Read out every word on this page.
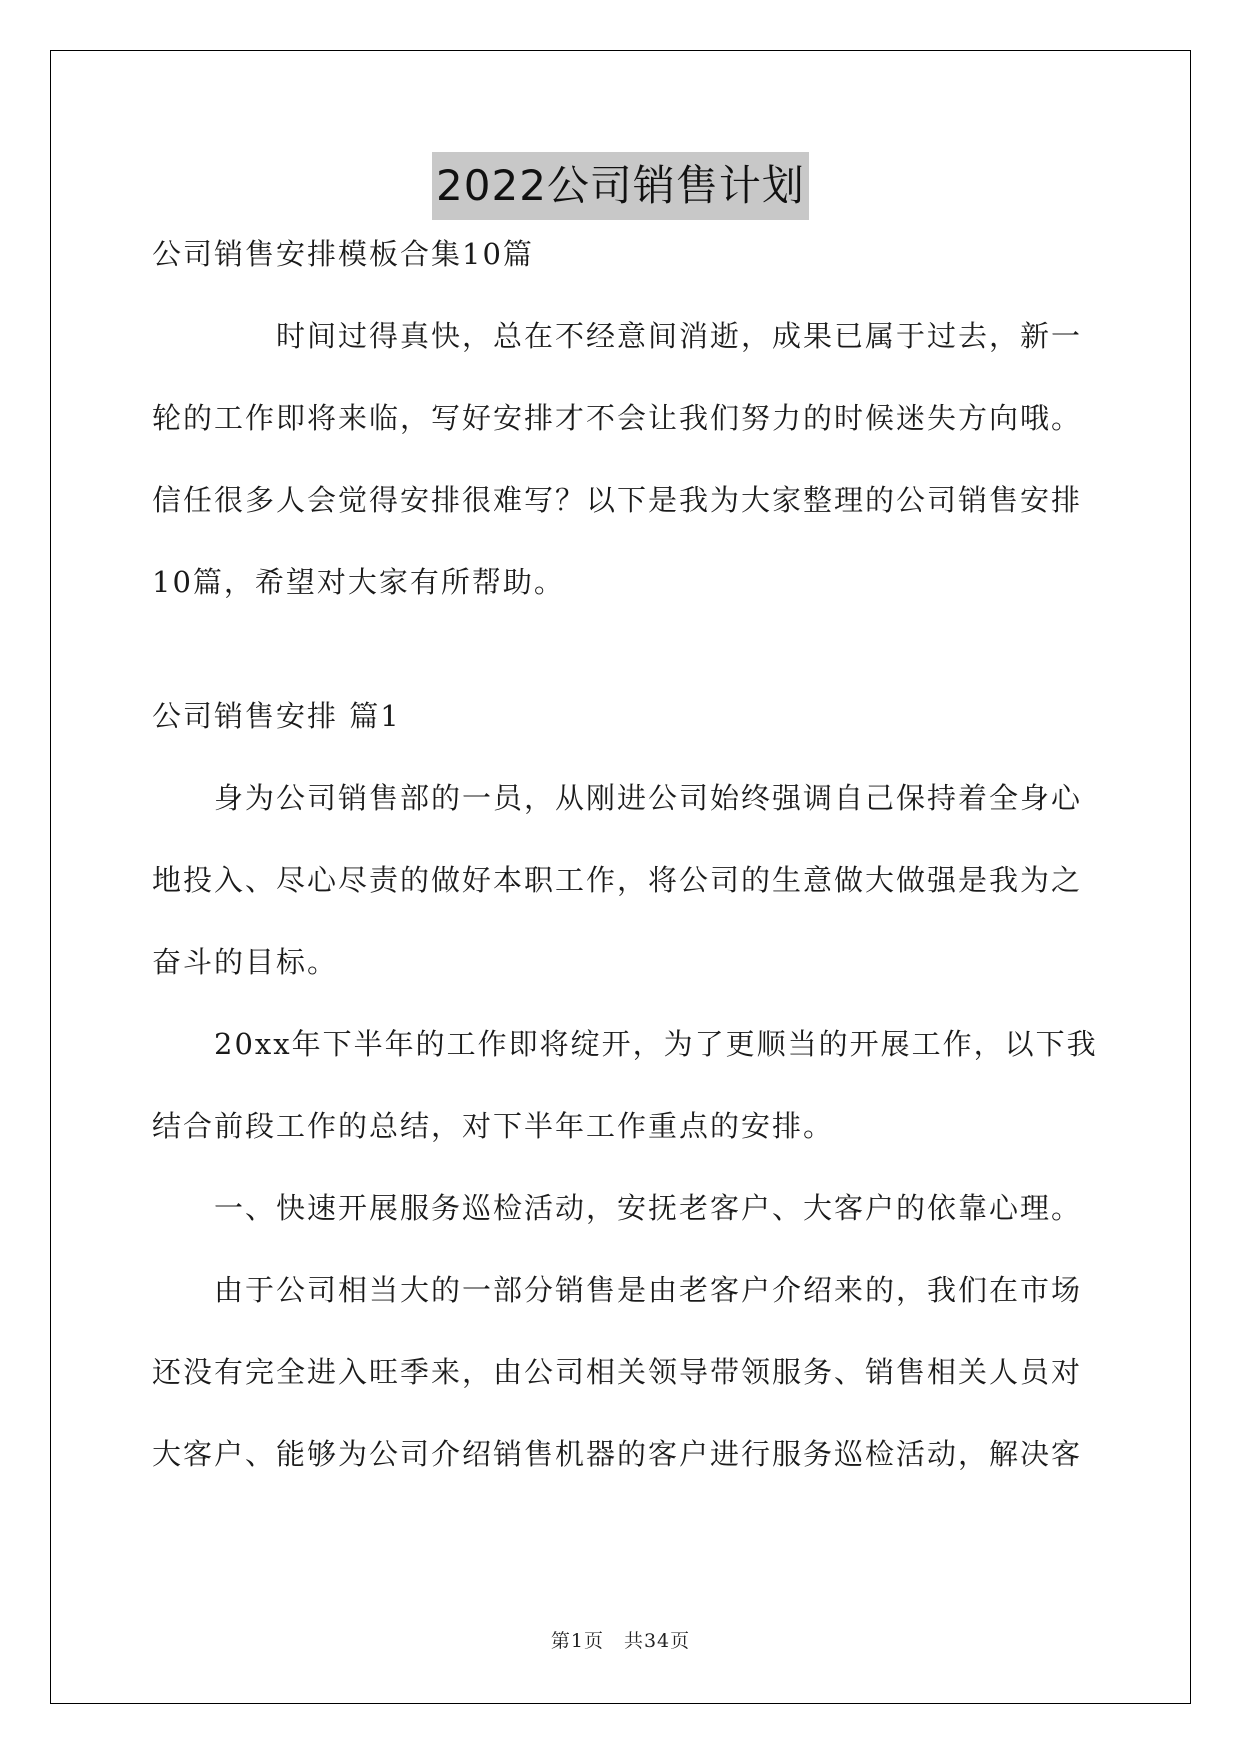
2022公司销售计划
公司销售安排模板合集10篇
时间过得真快，总在不经意间消逝，成果已属于过去，新一
轮的工作即将来临，写好安排才不会让我们努力的时候迷失方向哦。
信任很多人会觉得安排很难写？以下是我为大家整理的公司销售安排
10篇，希望对大家有所帮助。
公司销售安排 篇1
身为公司销售部的一员，从刚进公司始终强调自己保持着全身心
地投入、尽心尽责的做好本职工作，将公司的生意做大做强是我为之
奋斗的目标。
20xx年下半年的工作即将绽开，为了更顺当的开展工作，以下我
结合前段工作的总结，对下半年工作重点的安排。
一、快速开展服务巡检活动，安抚老客户、大客户的依靠心理。
由于公司相当大的一部分销售是由老客户介绍来的，我们在市场
还没有完全进入旺季来，由公司相关领导带领服务、销售相关人员对
大客户、能够为公司介绍销售机器的客户进行服务巡检活动，解决客
第1页　共34页
